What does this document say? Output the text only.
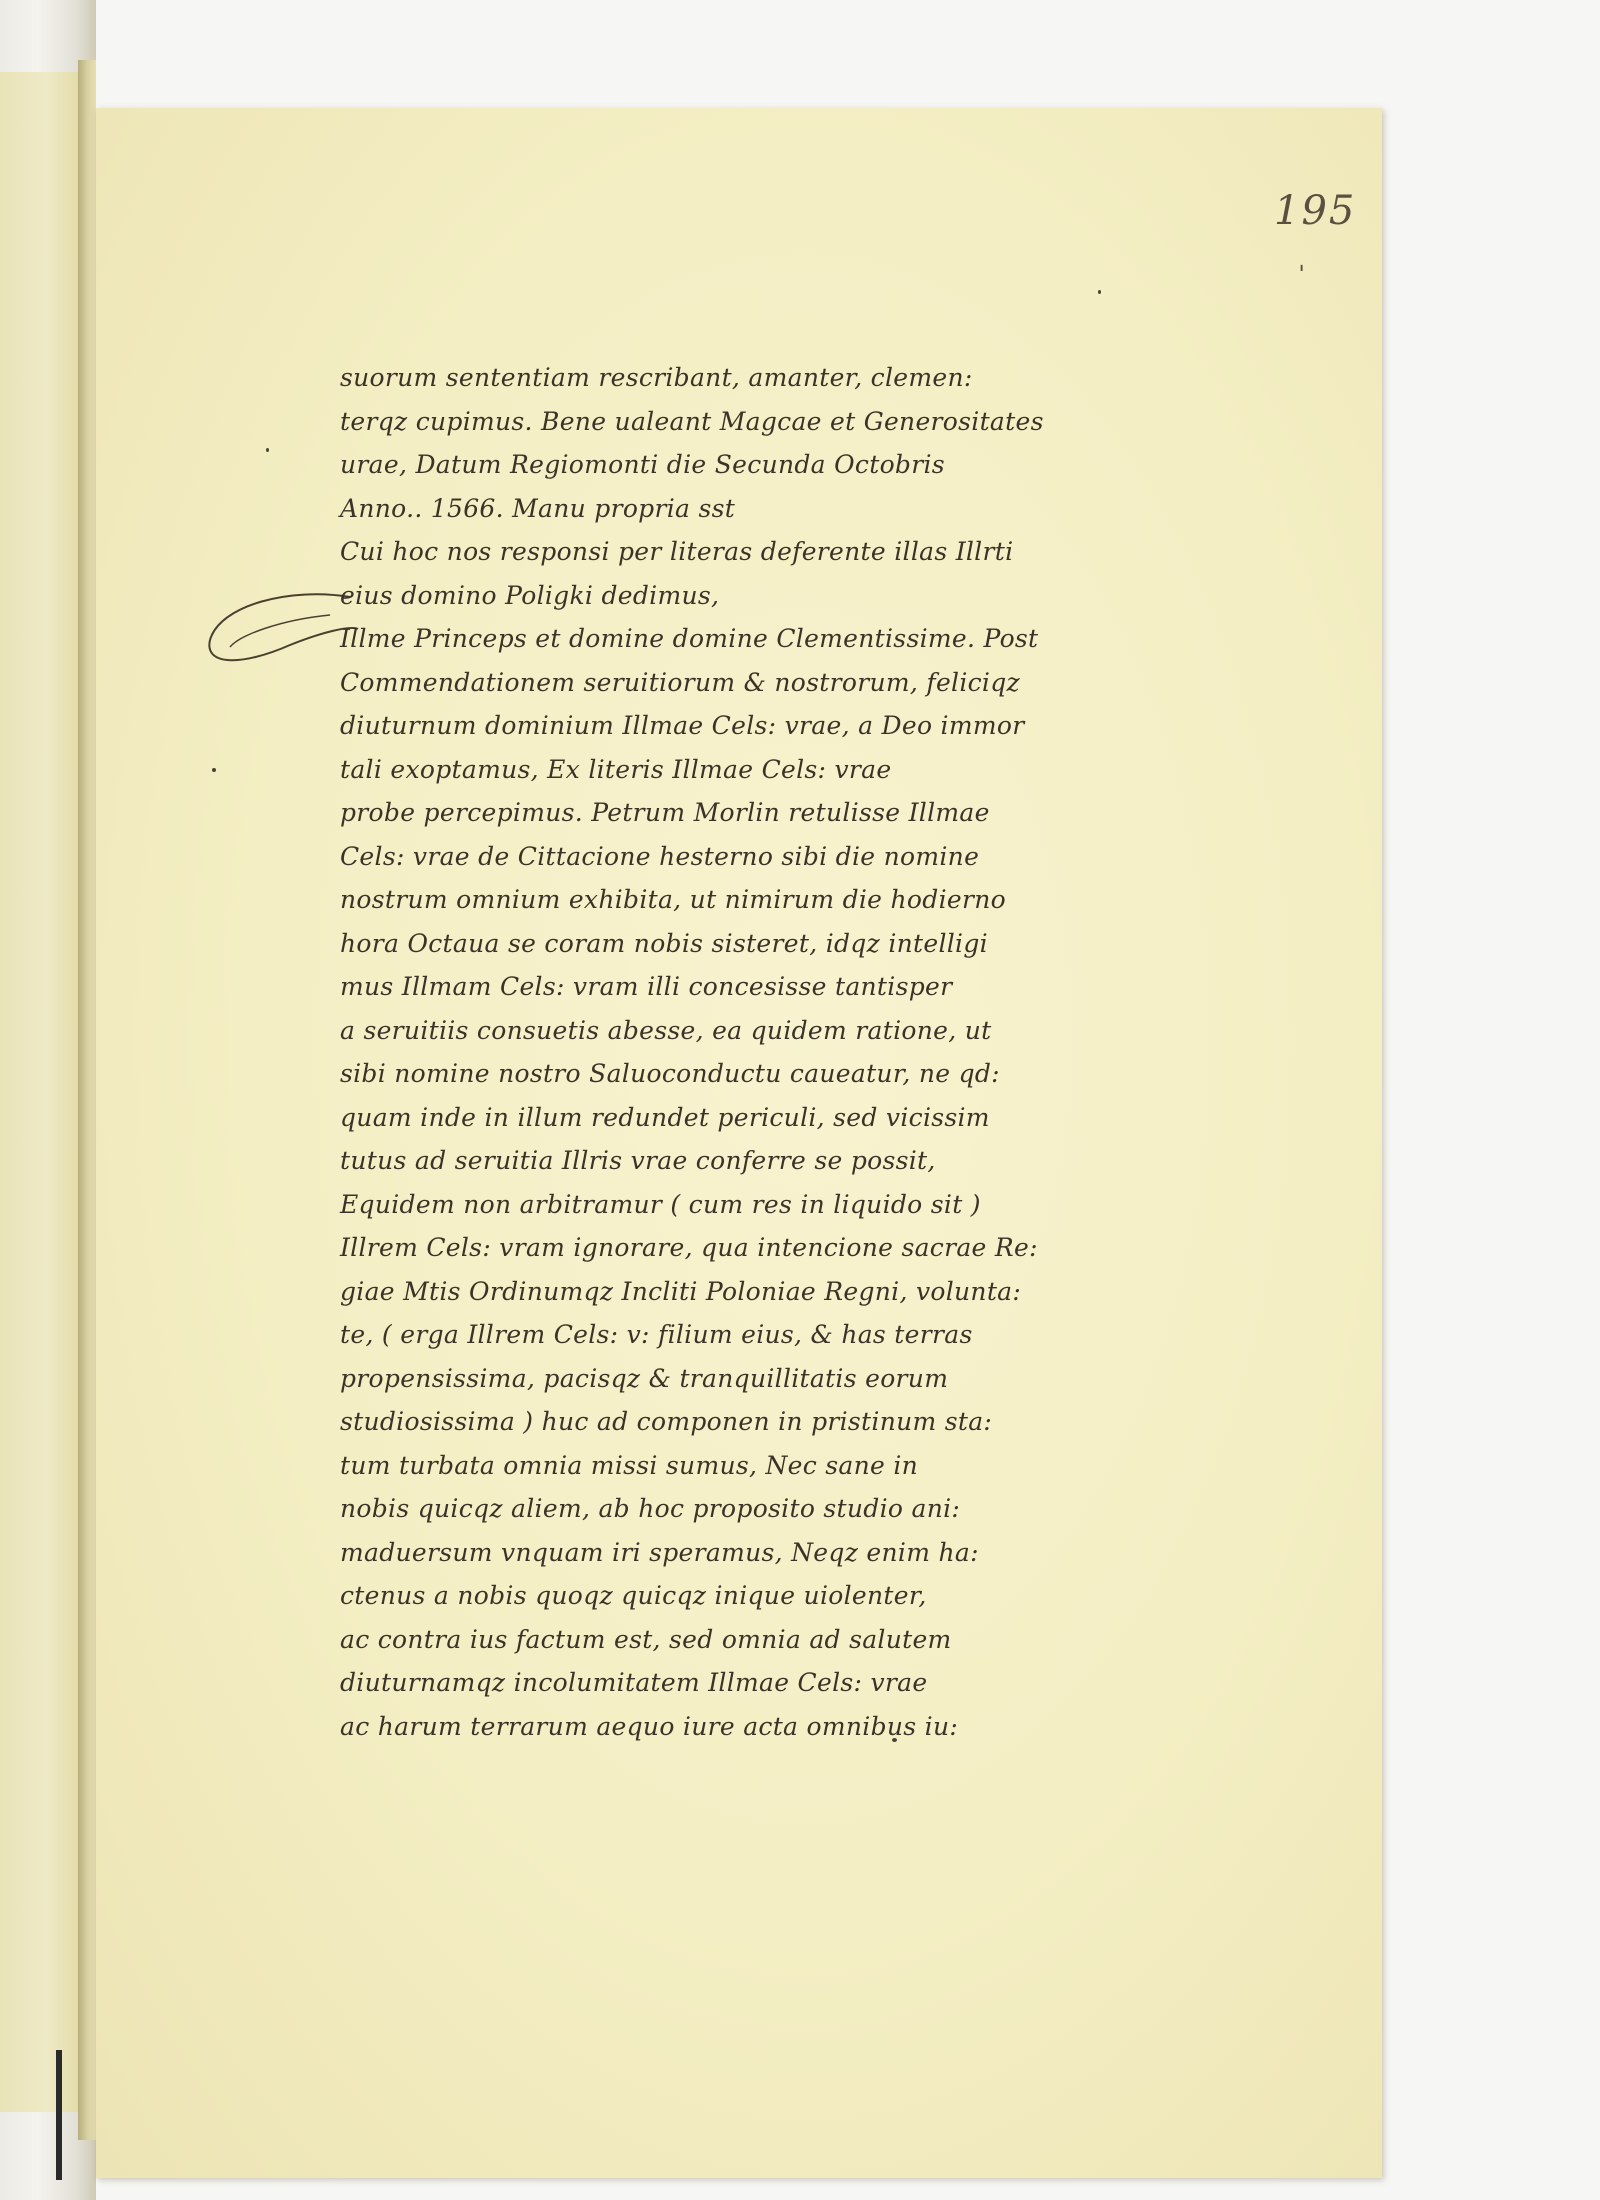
195
ˈ
suorum sententiam rescribant, amanter, clemen:
terqz cupimus. Bene ualeant Magcae et Generositates
urae, Datum Regiomonti die Secunda Octobris
Anno.. 1566. Manu propria sst
Cui hoc nos responsi per literas deferente illas Illrti
eius domino Poligki dedimus,
Illme Princeps et domine domine Clementissime. Post
Commendationem seruitiorum & nostrorum, feliciqz
diuturnum dominium Illmae Cels: vrae, a Deo immor
tali exoptamus, Ex literis Illmae Cels: vrae
probe percepimus. Petrum Morlin retulisse Illmae
Cels: vrae de Cittacione hesterno sibi die nomine
nostrum omnium exhibita, ut nimirum die hodierno
hora Octaua se coram nobis sisteret, idqz intelligi
mus Illmam Cels: vram illi concesisse tantisper
a seruitiis consuetis abesse, ea quidem ratione, ut
sibi nomine nostro Saluoconductu caueatur, ne qd:
quam inde in illum redundet periculi, sed vicissim
tutus ad seruitia Illris vrae conferre se possit,
Equidem non arbitramur ( cum res in liquido sit )
Illrem Cels: vram ignorare, qua intencione sacrae Re:
giae Mtis Ordinumqz Incliti Poloniae Regni, volunta:
te, ( erga Illrem Cels: v: filium eius, & has terras
propensissima, pacisqz & tranquillitatis eorum
studiosissima ) huc ad componen in pristinum sta:
tum turbata omnia missi sumus, Nec sane in
nobis quicqz aliem, ab hoc proposito studio ani:
maduersum vnquam iri speramus, Neqz enim ha:
ctenus a nobis quoqz quicqz inique uiolenter,
ac contra ius factum est, sed omnia ad salutem
diuturnamqz incolumitatem Illmae Cels: vrae
ac harum terrarum aequo iure acta omnibus iu:
